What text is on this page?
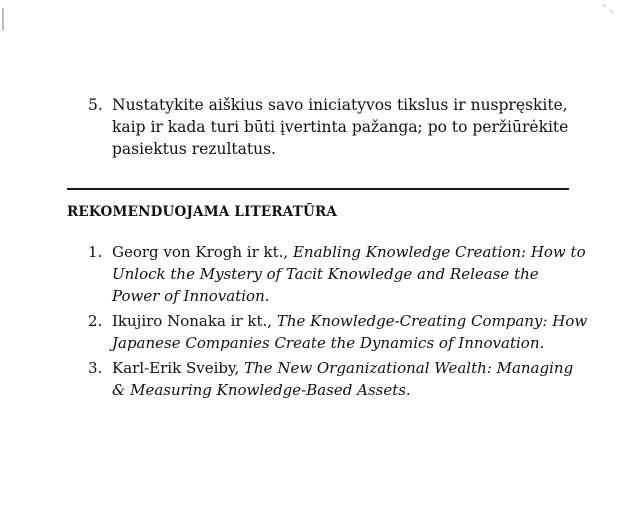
5. Nustatykite aiškius savo iniciatyvos tikslus ir nuspręskite, kaip ir kada turi būti įvertinta pažanga; po to peržiūrėkite pasiektus rezultatus.
REKOMENDUOJAMA LITERATŪRA
1. Georg von Krogh ir kt., Enabling Knowledge Creation: How to Unlock the Mystery of Tacit Knowledge and Release the Power of Innovation.
2. Ikujiro Nonaka ir kt., The Knowledge-Creating Company: How Japanese Companies Create the Dynamics of Innovation.
3. Karl-Erik Sveiby, The New Organizational Wealth: Managing & Measuring Knowledge-Based Assets.
